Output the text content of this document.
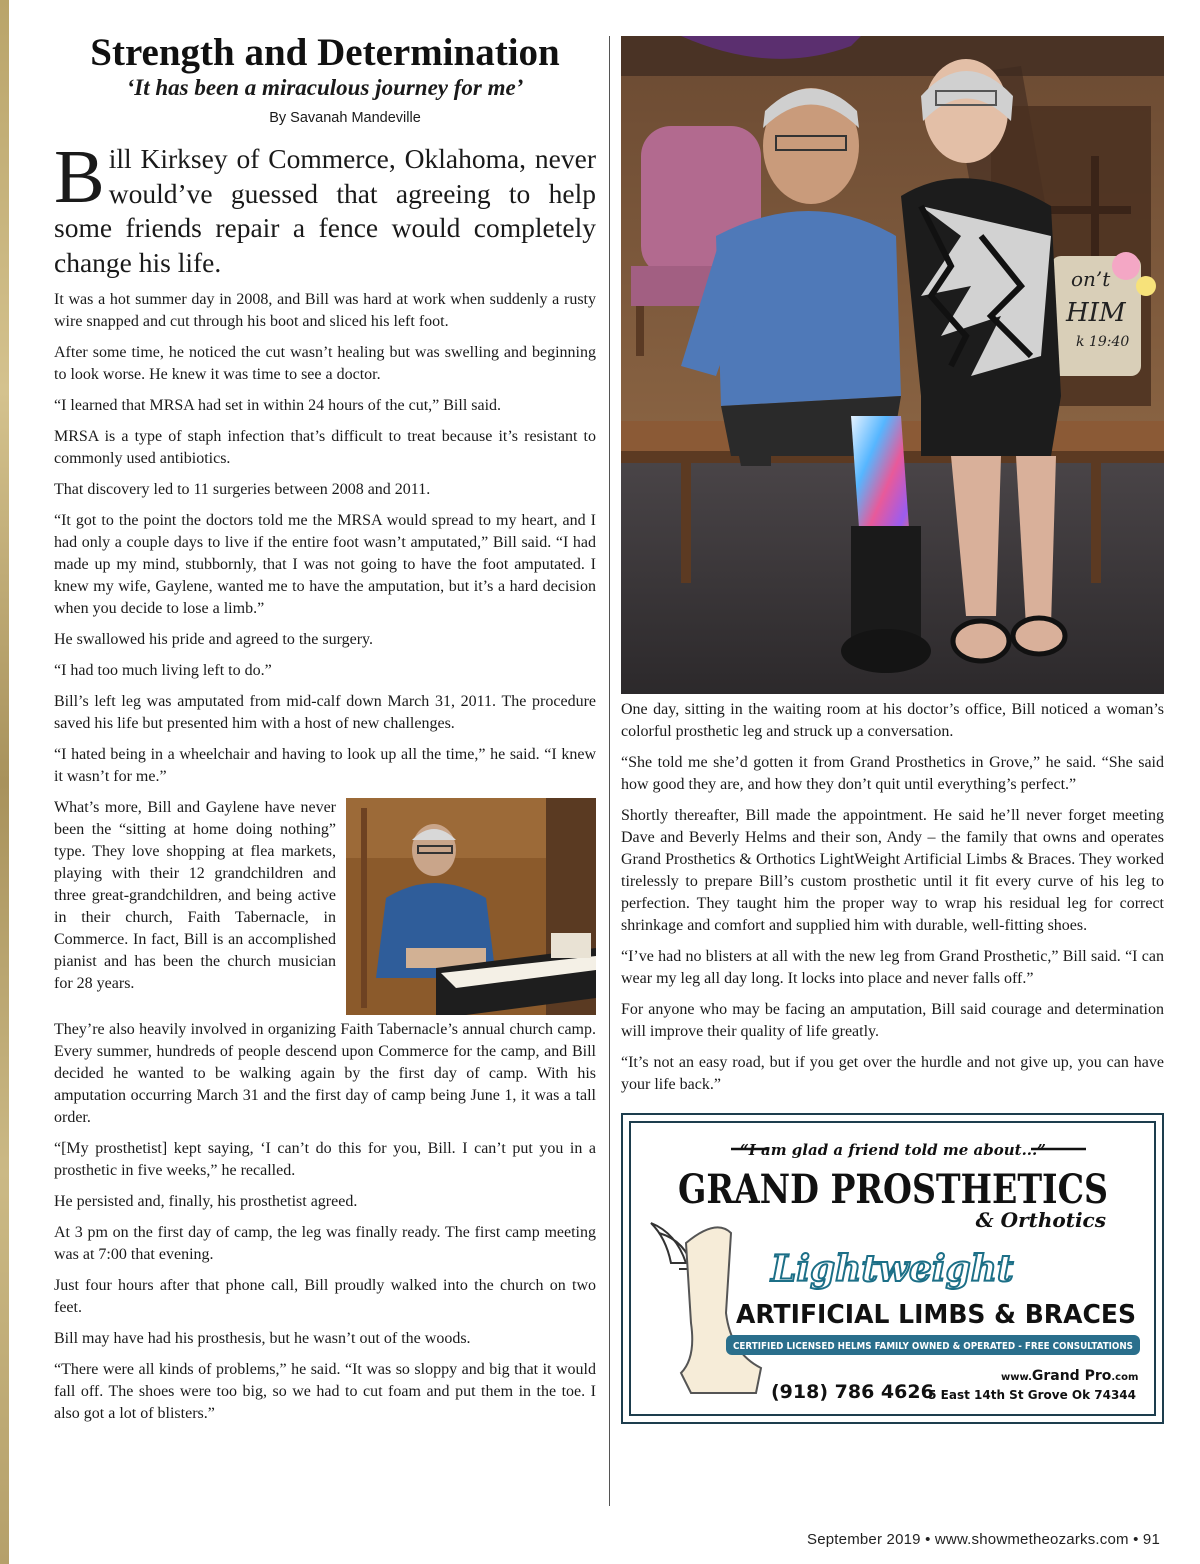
Strength and Determination
‘It has been a miraculous journey for me’
By Savanah Mandeville
Bill Kirksey of Commerce, Oklahoma, never would’ve guessed that agreeing to help some friends repair a fence would completely change his life.

It was a hot summer day in 2008, and Bill was hard at work when suddenly a rusty wire snapped and cut through his boot and sliced his left foot.

After some time, he noticed the cut wasn’t healing but was swelling and beginning to look worse. He knew it was time to see a doctor.

“I learned that MRSA had set in within 24 hours of the cut,” Bill said.

MRSA is a type of staph infection that’s difficult to treat because it’s resistant to commonly used antibiotics.

That discovery led to 11 surgeries between 2008 and 2011.

“It got to the point the doctors told me the MRSA would spread to my heart, and I had only a couple days to live if the entire foot wasn’t amputated,” Bill said. “I had made up my mind, stubbornly, that I was not going to have the foot amputated. I knew my wife, Gaylene, wanted me to have the amputation, but it’s a hard decision when you decide to lose a limb.”

He swallowed his pride and agreed to the surgery.

“I had too much living left to do.”

Bill’s left leg was amputated from mid-calf down March 31, 2011. The procedure saved his life but presented him with a host of new challenges.

“I hated being in a wheelchair and having to look up all the time,” he said. “I knew it wasn’t for me.”

What’s more, Bill and Gaylene have never been the “sitting at home doing nothing” type. They love shopping at flea markets, playing with their 12 grandchildren and three great-grandchildren, and being active in their church, Faith Tabernacle, in Commerce. In fact, Bill is an accomplished pianist and has been the church musician for 28 years.

They’re also heavily involved in organizing Faith Tabernacle’s annual church camp. Every summer, hundreds of people descend upon Commerce for the camp, and Bill decided he wanted to be walking again by the first day of camp. With his amputation occurring March 31 and the first day of camp being June 1, it was a tall order.

“[My prosthetist] kept saying, ‘I can’t do this for you, Bill. I can’t put you in a prosthetic in five weeks,” he recalled.

He persisted and, finally, his prosthetist agreed.

At 3 pm on the first day of camp, the leg was finally ready. The first camp meeting was at 7:00 that evening.

Just four hours after that phone call, Bill proudly walked into the church on two feet.

Bill may have had his prosthesis, but he wasn’t out of the woods.

“There were all kinds of problems,” he said. “It was so sloppy and big that it would fall off. The shoes were too big, so we had to cut foam and put them in the toe. I also got a lot of blisters.”

on’t
HIM
k 19:40

One day, sitting in the waiting room at his doctor’s office, Bill noticed a woman’s colorful prosthetic leg and struck up a conversation.

“She told me she’d gotten it from Grand Prosthetics in Grove,” he said. “She said how good they are, and how they don’t quit until everything’s perfect.”

Shortly thereafter, Bill made the appointment. He said he’ll never forget meeting Dave and Beverly Helms and their son, Andy – the family that owns and operates Grand Prosthetics & Orthotics LightWeight Artificial Limbs & Braces. They worked tirelessly to prepare Bill’s custom prosthetic until it fit every curve of his leg to perfection. They taught him the proper way to wrap his residual leg for correct shrinkage and comfort and supplied him with durable, well-fitting shoes.

“I’ve had no blisters at all with the new leg from Grand Prosthetic,” Bill said. “I can wear my leg all day long. It locks into place and never falls off.”

For anyone who may be facing an amputation, Bill said courage and determination will improve their quality of life greatly.

“It’s not an easy road, but if you get over the hurdle and not give up, you can have your life back.”

“I am glad a friend told me about...”
GRAND PROSTHETICS
& Orthotics
Lightweight
ARTIFICIAL LIMBS & BRACES
CERTIFIED LICENSED HELMS FAMILY OWNED & OPERATED - FREE CONSULTATIONS
(918) 786 4626
www.Grand Pro.com
5 East 14th St Grove Ok 74344
September 2019 • www.showmetheozarks.com • 91
